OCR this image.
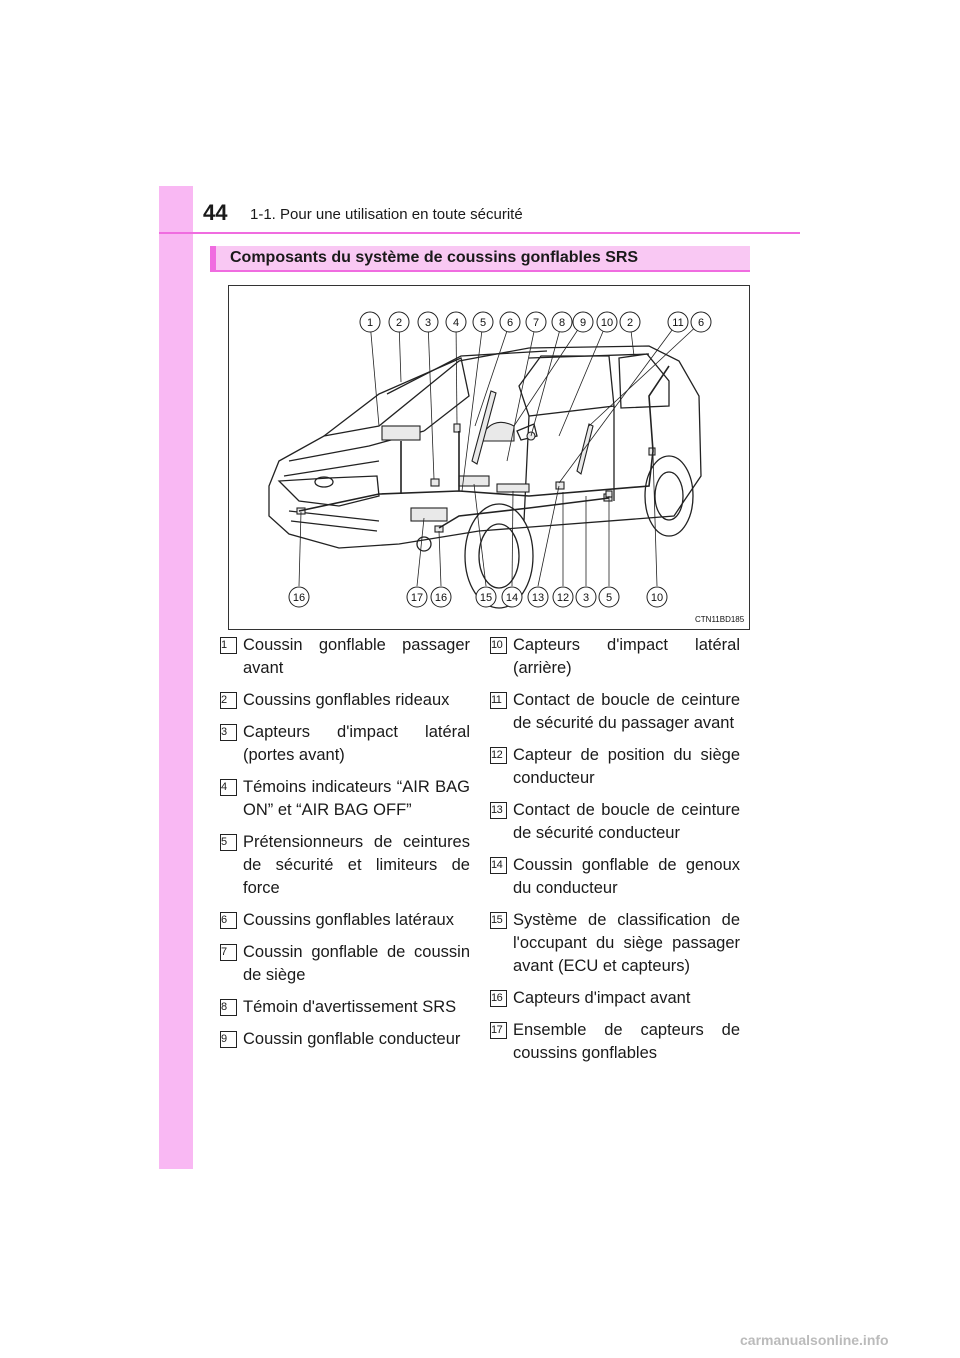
44 1-1. Pour une utilisation en toute sécurité
Composants du système de coussins gonflables SRS
1 2 3 4 5 6 7 8 9 10 2	11 6
16	17 16	15 14 13 12 3 5	10
CTN11BD185
1 Coussin gonflable passager avant
2 Coussins gonflables rideaux
3 Capteurs d'impact latéral (portes avant)
4 Témoins indicateurs “AIR BAG ON” et “AIR BAG OFF”
5 Prétensionneurs de ceintures de sécurité et limiteurs de force
6 Coussins gonflables latéraux
7 Coussin gonflable de coussin de siège
8 Témoin d'avertissement SRS
9 Coussin gonflable conducteur
10 Capteurs d'impact latéral (arrière)
11 Contact de boucle de ceinture de sécurité du passager avant
12 Capteur de position du siège conducteur
13 Contact de boucle de ceinture de sécurité conducteur
14 Coussin gonflable de genoux du conducteur
15 Système de classification de l'occupant du siège passager avant (ECU et capteurs)
16 Capteurs d'impact avant
17 Ensemble de capteurs de coussins gonflables
carmanualsonline.info
